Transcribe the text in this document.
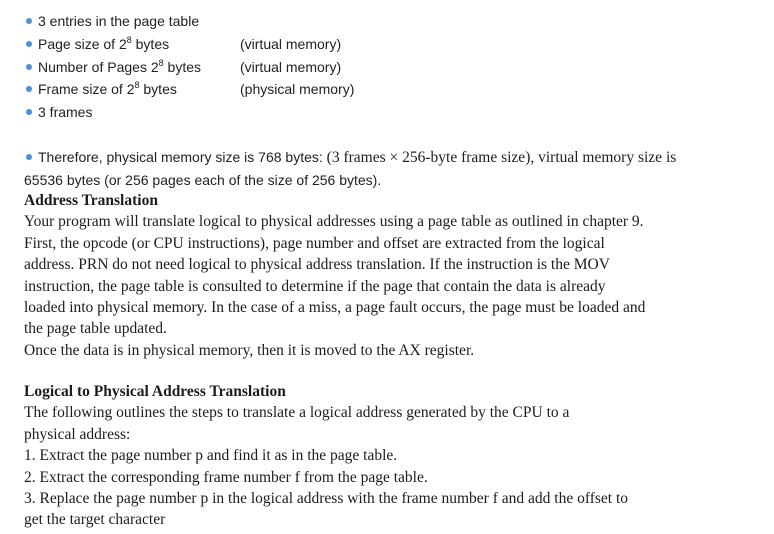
3 entries in the page table
Page size of $2^8$ bytes	(virtual memory)
Number of Pages $2^8$ bytes	(virtual memory)
Frame size of $2^8$ bytes	(physical memory)
3 frames
Therefore, physical memory size is 768 bytes: (3 frames × 256-byte frame size), virtual memory size is
65536 bytes (or 256 pages each of the size of 256 bytes).
Address Translation
Your program will translate logical to physical addresses using a page table as outlined in chapter 9.
First, the opcode (or CPU instructions), page number and offset are extracted from the logical
address. PRN do not need logical to physical address translation. If the instruction is the MOV
instruction, the page table is consulted to determine if the page that contain the data is already
loaded into physical memory. In the case of a miss, a page fault occurs, the page must be loaded and
the page table updated.
Once the data is in physical memory, then it is moved to the AX register.
Logical to Physical Address Translation
The following outlines the steps to translate a logical address generated by the CPU to a
physical address:
1. Extract the page number p and find it as in the page table.
2. Extract the corresponding frame number f from the page table.
3. Replace the page number p in the logical address with the frame number f and add the offset to
get the target character
